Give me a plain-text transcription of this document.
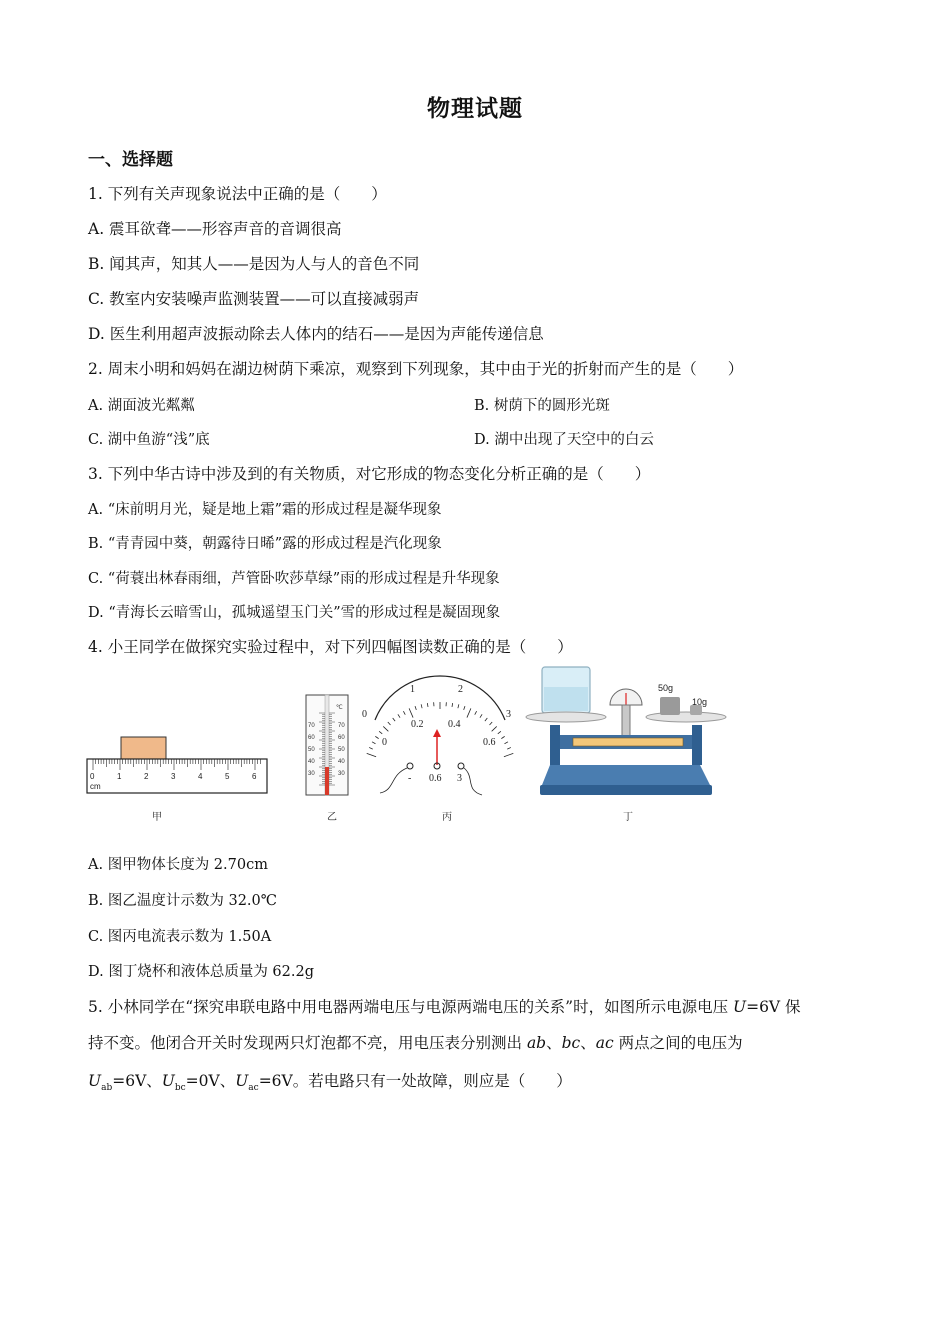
物理试题
一、选择题
1. 下列有关声现象说法中正确的是（　　）
A. 震耳欲聋——形容声音的音调很高
B. 闻其声，知其人——是因为人与人的音色不同
C. 教室内安装噪声监测装置——可以直接减弱声
D. 医生利用超声波振动除去人体内的结石——是因为声能传递信息
2. 周末小明和妈妈在湖边树荫下乘凉，观察到下列现象，其中由于光的折射而产生的是（　　）
A. 湖面波光粼粼	B. 树荫下的圆形光斑
C. 湖中鱼游“浅”底	D. 湖中出现了天空中的白云
3. 下列中华古诗中涉及到的有关物质，对它形成的物态变化分析正确的是（　　）
A. “床前明月光，疑是地上霜”霜的形成过程是凝华现象
B. “青青园中葵，朝露待日晞”露的形成过程是汽化现象
C. “荷蓑出林春雨细，芦管卧吹莎草绿”雨的形成过程是升华现象
D. “青海长云暗雪山，孤城遥望玉门关”雪的形成过程是凝固现象
4. 小王同学在做探究实验过程中，对下列四幅图读数正确的是（　　）
0	1	2	3	4	5	6
cm
℃
70
60
50
40
30
70
60
50
40
30
0
1	2
3
0
0.2 0.4
0.6
- 0.6 3
50g
10g
甲	乙	丙	丁
A. 图甲物体长度为 2.70cm
B. 图乙温度计示数为 32.0℃
C. 图丙电流表示数为 1.50A
D. 图丁烧杯和液体总质量为 62.2g
5. 小林同学在“探究串联电路中用电器两端电压与电源两端电压的关系”时，如图所示电源电压 U=6V 保
持不变。他闭合开关时发现两只灯泡都不亮，用电压表分别测出 ab、bc、ac 两点之间的电压为
$U_{ab}=6V$、$U_{bc}=0V$、$U_{ac}=6V$。若电路只有一处故障，则应是（　　）
